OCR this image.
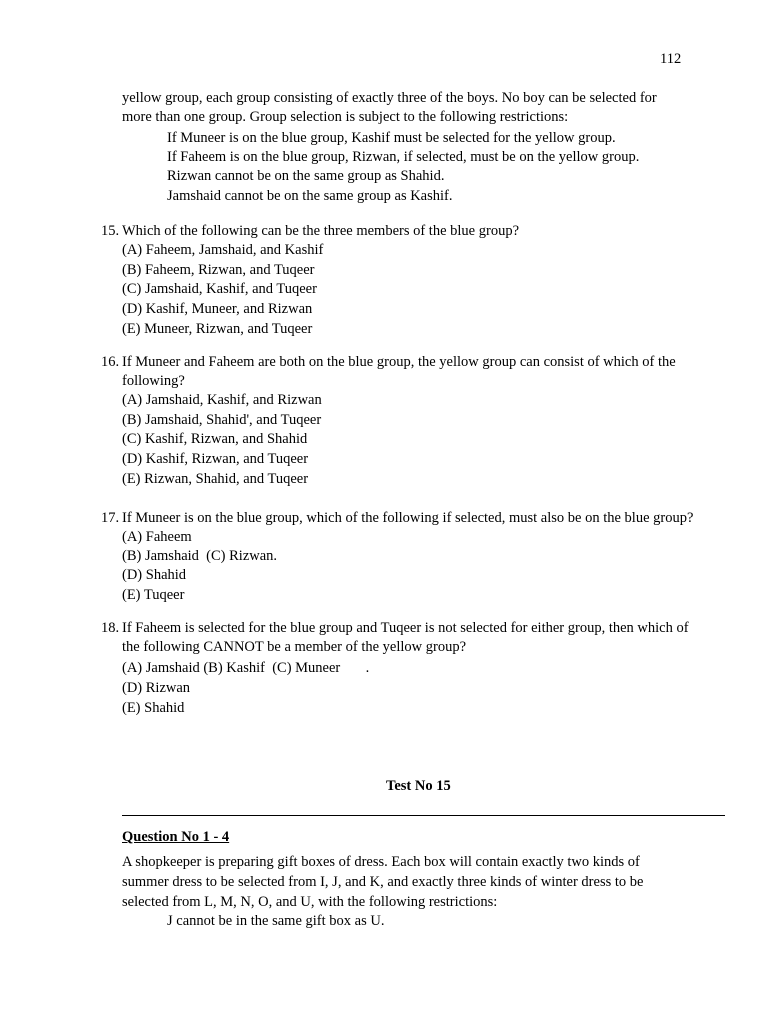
112
yellow group, each group consisting of exactly three of the boys. No boy can be selected for
more than one group. Group selection is subject to the following restrictions:
If Muneer is on the blue group, Kashif must be selected for the yellow group.
If Faheem is on the blue group, Rizwan, if selected, must be on the yellow group.
Rizwan cannot be on the same group as Shahid.
Jamshaid cannot be on the same group as Kashif.
15. Which of the following can be the three members of the blue group?
(A) Faheem, Jamshaid, and Kashif
(B) Faheem, Rizwan, and Tuqeer
(C) Jamshaid, Kashif, and Tuqeer
(D) Kashif, Muneer, and Rizwan
(E) Muneer, Rizwan, and Tuqeer
16. If Muneer and Faheem are both on the blue group, the yellow group can consist of which of the
following?
(A) Jamshaid, Kashif, and Rizwan
(B) Jamshaid, Shahid', and Tuqeer
(C) Kashif, Rizwan, and Shahid
(D) Kashif, Rizwan, and Tuqeer
(E) Rizwan, Shahid, and Tuqeer
17. If Muneer is on the blue group, which of the following if selected, must also be on the blue group?
(A) Faheem
(B) Jamshaid  (C) Rizwan.
(D) Shahid
(E) Tuqeer
18. If Faheem is selected for the blue group and Tuqeer is not selected for either group, then which of
the following CANNOT be a member of the yellow group?
(A) Jamshaid (B) Kashif  (C) Muneer       .
(D) Rizwan
(E) Shahid
Test No 15
Question No 1 - 4
A shopkeeper is preparing gift boxes of dress. Each box will contain exactly two kinds of
summer dress to be selected from I, J, and K, and exactly three kinds of winter dress to be
selected from L, M, N, O, and U, with the following restrictions:
J cannot be in the same gift box as U.
